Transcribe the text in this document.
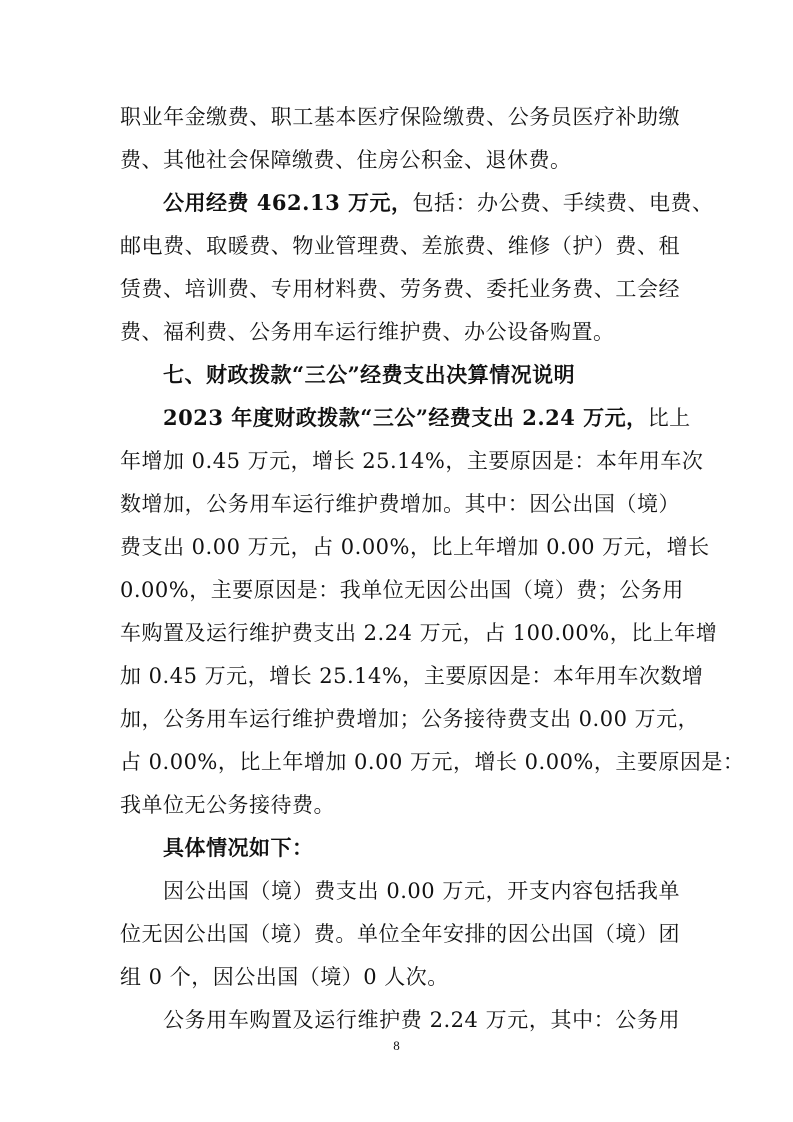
职业年金缴费、职工基本医疗保险缴费、公务员医疗补助缴
费、其他社会保障缴费、住房公积金、退休费。
公用经费 462.13 万元，包括：办公费、手续费、电费、
邮电费、取暖费、物业管理费、差旅费、维修（护）费、租
赁费、培训费、专用材料费、劳务费、委托业务费、工会经
费、福利费、公务用车运行维护费、办公设备购置。
七、财政拨款“三公”经费支出决算情况说明
2023 年度财政拨款“三公”经费支出 2.24 万元，比上
年增加 0.45 万元，增长 25.14%，主要原因是：本年用车次
数增加，公务用车运行维护费增加。其中：因公出国（境）
费支出 0.00 万元，占 0.00%，比上年增加 0.00 万元，增长
0.00%，主要原因是：我单位无因公出国（境）费；公务用
车购置及运行维护费支出 2.24 万元，占 100.00%，比上年增
加 0.45 万元，增长 25.14%，主要原因是：本年用车次数增
加，公务用车运行维护费增加；公务接待费支出 0.00 万元，
占 0.00%，比上年增加 0.00 万元，增长 0.00%，主要原因是：
我单位无公务接待费。
具体情况如下：
因公出国（境）费支出 0.00 万元，开支内容包括我单
位无因公出国（境）费。单位全年安排的因公出国（境）团
组 0 个，因公出国（境）0 人次。
8
公务用车购置及运行维护费 2.24 万元，其中：公务用
